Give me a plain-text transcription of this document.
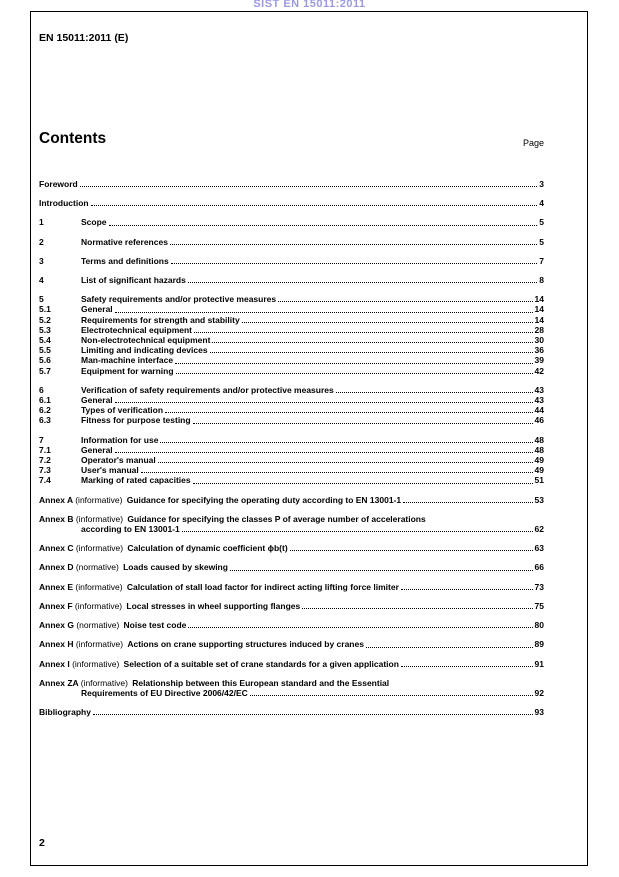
SIST EN 15011:2011
EN 15011:2011 (E)
Contents	Page
Foreword	3
Introduction	4
1	Scope	5
2	Normative references	5
3	Terms and definitions	7
4	List of significant hazards	8
5	Safety requirements and/or protective measures	14
5.1	General	14
5.2	Requirements for strength and stability	14
5.3	Electrotechnical equipment	28
5.4	Non-electrotechnical equipment	30
5.5	Limiting and indicating devices	36
5.6	Man-machine interface	39
5.7	Equipment for warning	42
6	Verification of safety requirements and/or protective measures	43
6.1	General	43
6.2	Types of verification	44
6.3	Fitness for purpose testing	46
7	Information for use	48
7.1	General	48
7.2	Operator's manual	49
7.3	User's manual	49
7.4	Marking of rated capacities	51
Annex A (informative) Guidance for specifying the operating duty according to EN 13001-1	53
Annex B (informative) Guidance for specifying the classes P of average number of accelerations
according to EN 13001-1	62
Annex C (informative) Calculation of dynamic coefficient ϕb(t)	63
Annex D (normative) Loads caused by skewing	66
Annex E (informative) Calculation of stall load factor for indirect acting lifting force limiter	73
Annex F (informative) Local stresses in wheel supporting flanges	75
Annex G (normative) Noise test code	80
Annex H (informative) Actions on crane supporting structures induced by cranes	89
Annex I (informative) Selection of a suitable set of crane standards for a given application	91
Annex ZA (informative) Relationship between this European standard and the Essential
Requirements of EU Directive 2006/42/EC	92
Bibliography	93
2
